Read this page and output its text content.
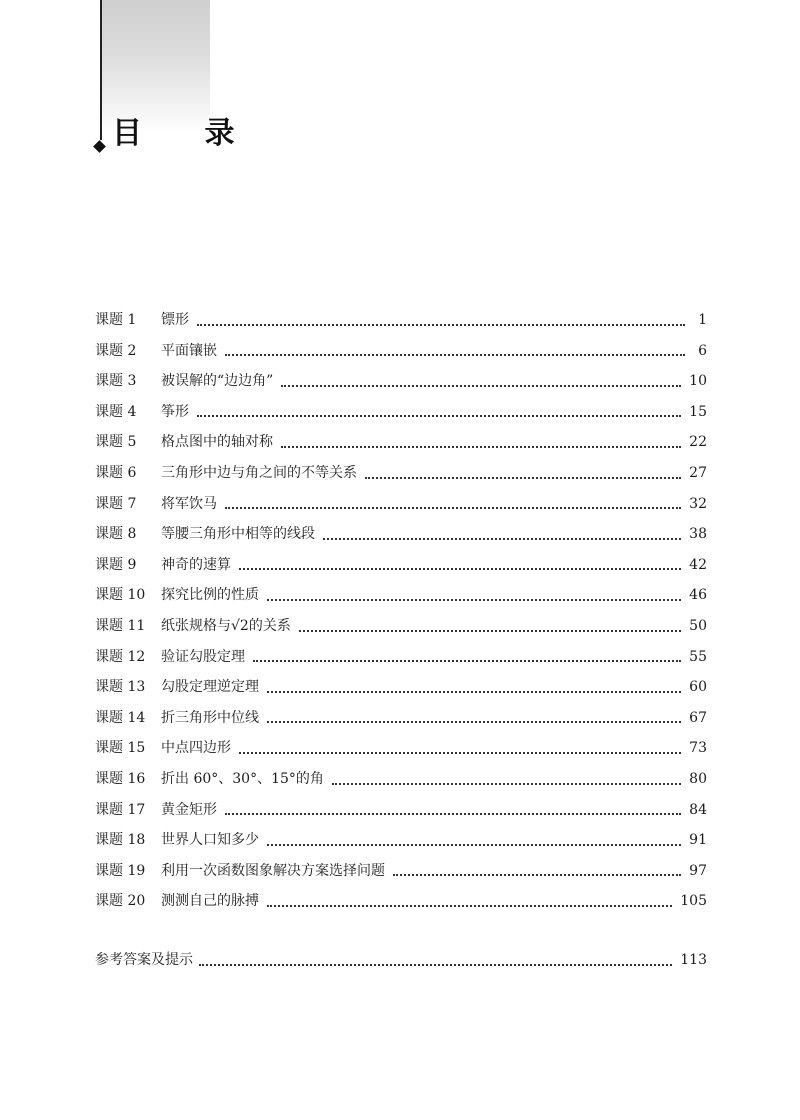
目 录
课题 1	镖形	1
课题 2	平面镶嵌	6
课题 3	被误解的“边边角”	10
课题 4	筝形	15
课题 5	格点图中的轴对称	22
课题 6	三角形中边与角之间的不等关系	27
课题 7	将军饮马	32
课题 8	等腰三角形中相等的线段	38
课题 9	神奇的速算	42
课题 10	探究比例的性质	46
课题 11	纸张规格与√2的关系	50
课题 12	验证勾股定理	55
课题 13	勾股定理逆定理	60
课题 14	折三角形中位线	67
课题 15	中点四边形	73
课题 16	折出 60°、30°、15°的角	80
课题 17	黄金矩形	84
课题 18	世界人口知多少	91
课题 19	利用一次函数图象解决方案选择问题	97
课题 20	测测自己的脉搏	105
参考答案及提示	113
